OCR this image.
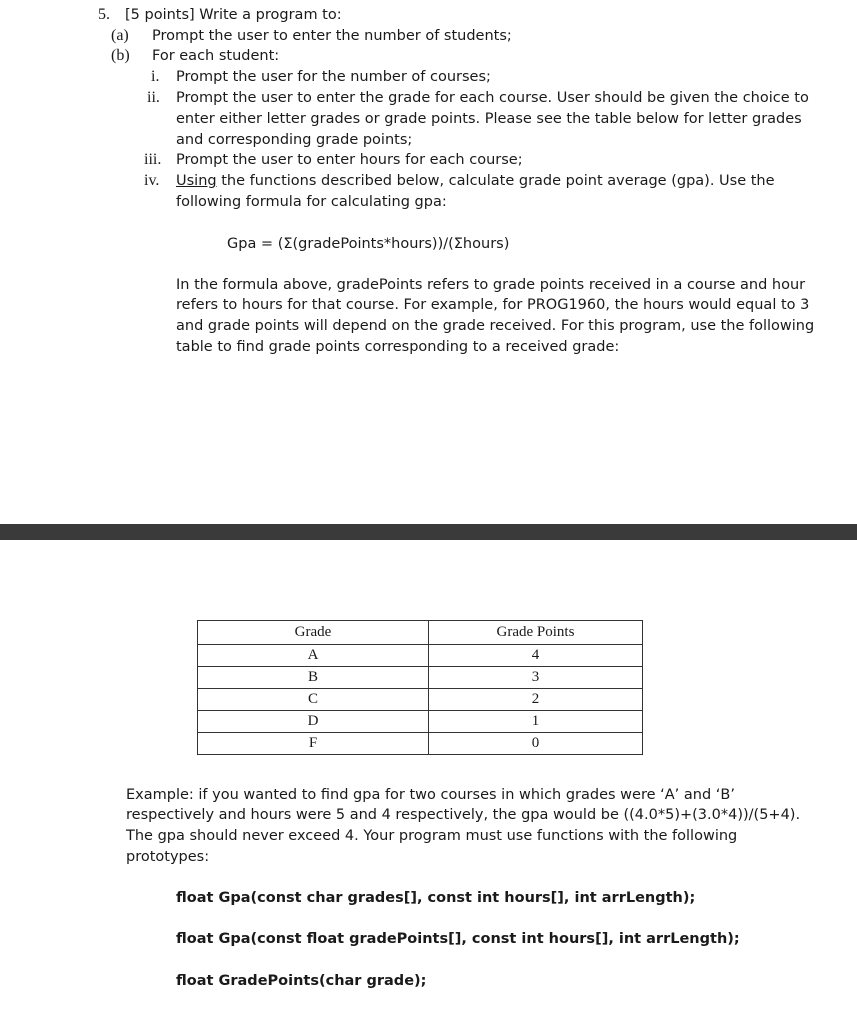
5. [5 points] Write a program to:
(a) Prompt the user to enter the number of students;
(b) For each student:
i. Prompt the user for the number of courses;
ii. Prompt the user to enter the grade for each course. User should be given the choice to
enter either letter grades or grade points. Please see the table below for letter grades
and corresponding grade points;
iii. Prompt the user to enter hours for each course;
iv. Using the functions described below, calculate grade point average (gpa). Use the
following formula for calculating gpa:
Gpa = (Σ(gradePoints*hours))/(Σhours)
In the formula above, gradePoints refers to grade points received in a course and hour
refers to hours for that course. For example, for PROG1960, the hours would equal to 3
and grade points will depend on the grade received. For this program, use the following
table to find grade points corresponding to a received grade:
Grade	Grade Points
A	4
B	3
C	2
D	1
F	0
Example: if you wanted to find gpa for two courses in which grades were ‘A’ and ‘B’
respectively and hours were 5 and 4 respectively, the gpa would be ((4.0*5)+(3.0*4))/(5+4).
The gpa should never exceed 4. Your program must use functions with the following
prototypes:
float Gpa(const char grades[], const int hours[], int arrLength);
float Gpa(const float gradePoints[], const int hours[], int arrLength);
float GradePoints(char grade);
